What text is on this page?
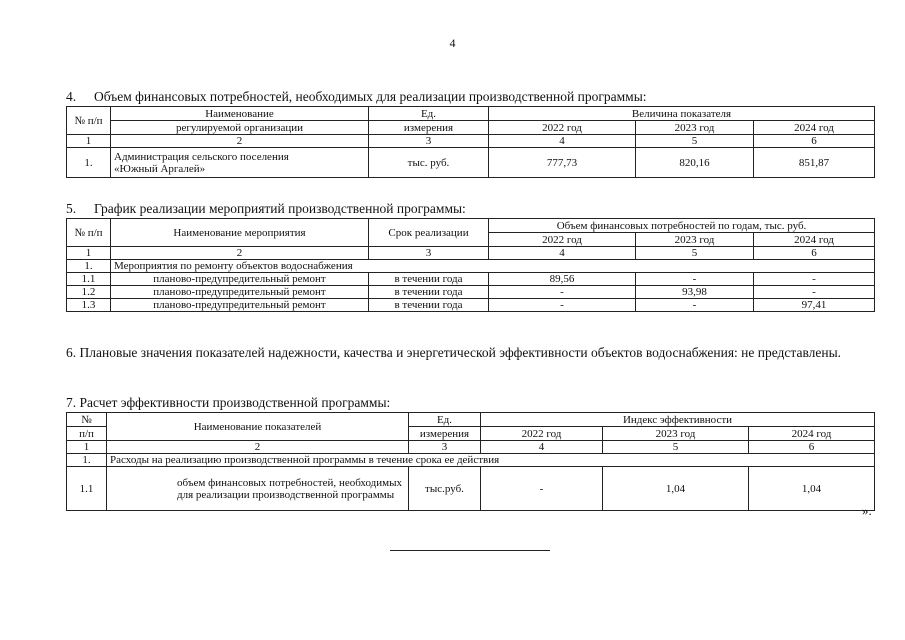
4
4. Объем финансовых потребностей, необходимых для реализации производственной программы:
№ п/п	Наименование	Ед.	Величина показателя		
	регулируемой организации	измерения	2022 год	2023 год	2024 год
1	2	3	4	5	6
1.	Администрация сельского поселения
«Южный Аргалей»	тыс. руб.	777,73	820,16	851,87
5. График реализации мероприятий производственной программы:
№ п/п	Наименование мероприятия	Срок реализации	Объем финансовых потребностей по годам, тыс. руб.		
			2022 год	2023 год	2024 год
1	2	3	4	5	6
1.	Мероприятия по ремонту объектов водоснабжения				
1.1	планово-предупредительный ремонт	в течении года	89,56	-	-
1.2	планово-предупредительный ремонт	в течении года	-	93,98	-
1.3	планово-предупредительный ремонт	в течении года	-	-	97,41
6. Плановые значения показателей надежности, качества и энергетической эффективности объектов водоснабжения: не представлены.
7. Расчет эффективности производственной программы:
№	Наименование показателей	Ед.	Индекс эффективности		
п/п		измерения	2022 год	2023 год	2024 год
1	2	3	4	5	6
1.	Расходы на реализацию производственной программы в течение срока ее действия				
1.1	объем финансовых потребностей, необходимых для реализации производственной программы	тыс.руб.	-	1,04	1,04
».
